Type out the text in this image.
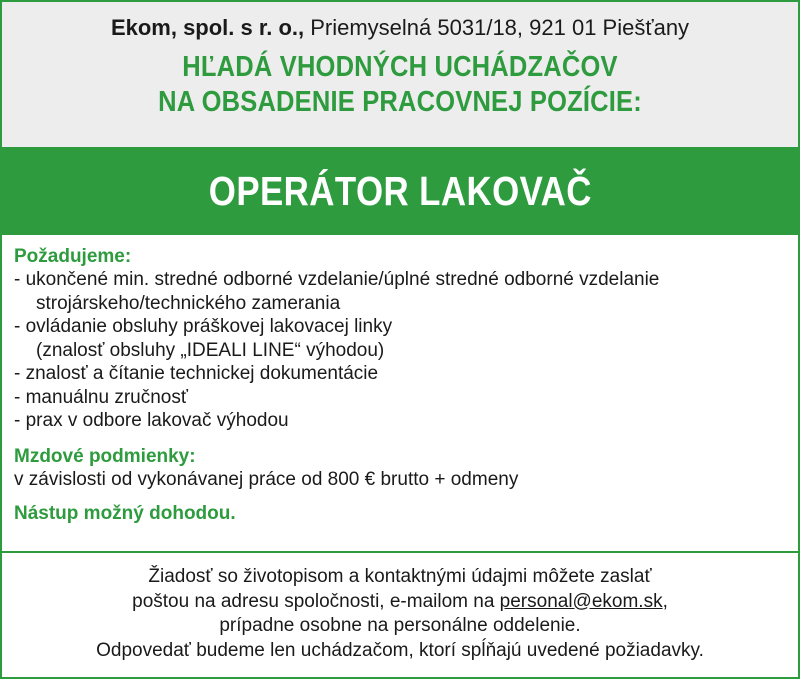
Ekom, spol. s r. o., Priemyselná 5031/18, 921 01 Piešťany
HĽADÁ VHODNÝCH UCHÁDZAČOV
NA OBSADENIE PRACOVNEJ POZÍCIE:
OPERÁTOR LAKOVAČ
Požadujeme:
- ukončené min. stredné odborné vzdelanie/úplné stredné odborné vzdelanie
strojárskeho/technického zamerania
- ovládanie obsluhy práškovej lakovacej linky
(znalosť obsluhy „IDEALI LINE“ výhodou)
- znalosť a čítanie technickej dokumentácie
- manuálnu zručnosť
- prax v odbore lakovač výhodou
Mzdové podmienky:
v závislosti od vykonávanej práce od 800 € brutto + odmeny
Nástup možný dohodou.
Žiadosť so životopisom a kontaktnými údajmi môžete zaslať
poštou na adresu spoločnosti, e-mailom na personal@ekom.sk,
prípadne osobne na personálne oddelenie.
Odpovedať budeme len uchádzačom, ktorí spĺňajú uvedené požiadavky.
